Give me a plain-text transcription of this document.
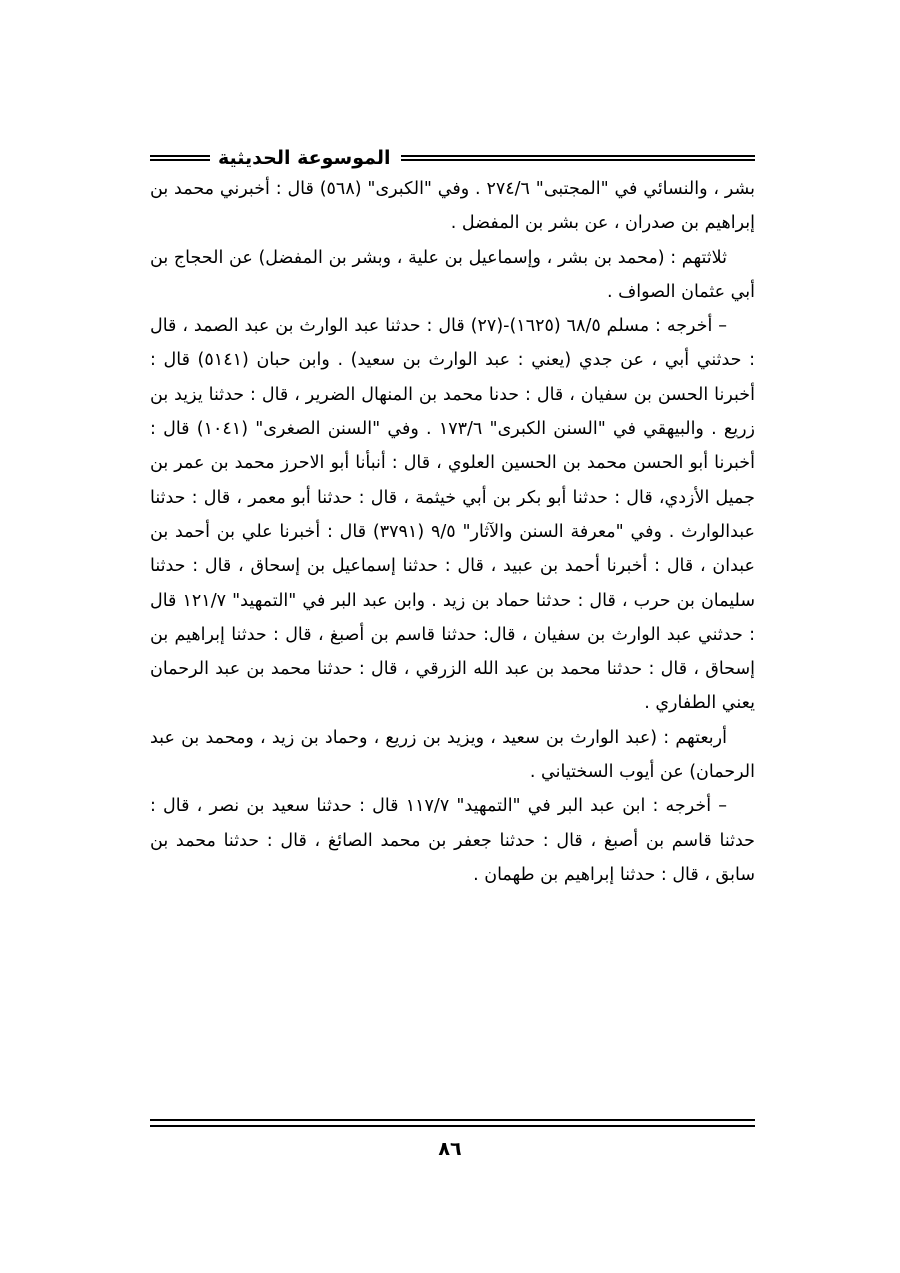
الموسوعة الحديثية

بشر ، والنسائي في "المجتبى" ٢٧٤/٦ . وفي "الكبرى" (٥٦٨) قال : أخبرني محمد بن إبراهيم بن صدران ، عن بشر بن المفضل .

ثلاثتهم : (محمد بن بشر ، وإسماعيل بن علية ، وبشر بن المفضل) عن الحجاج بن أبي عثمان الصواف .

– أخرجه : مسلم ٦٨/٥ (١٦٢٥)-(٢٧) قال : حدثنا عبد الوارث بن عبد الصمد ، قال : حدثني أبي ، عن جدي (يعني : عبد الوارث بن سعيد) . وابن حبان (٥١٤١) قال : أخبرنا الحسن بن سفيان ، قال : حدنا محمد بن المنهال الضرير ، قال : حدثنا يزيد بن زريع . والبيهقي في "السنن الكبرى" ١٧٣/٦ . وفي "السنن الصغرى" (١٠٤١) قال : أخبرنا أبو الحسن محمد بن الحسين العلوي ، قال : أنبأنا أبو الاحرز محمد بن عمر بن جميل الأزدي، قال : حدثنا أبو بكر بن أبي خيثمة ، قال : حدثنا أبو معمر ، قال : حدثنا عبدالوارث . وفي "معرفة السنن والآثار" ٩/٥ (٣٧٩١) قال : أخبرنا علي بن أحمد بن عبدان ، قال : أخبرنا أحمد بن عبيد ، قال : حدثنا إسماعيل بن إسحاق ، قال : حدثنا سليمان بن حرب ، قال : حدثنا حماد بن زيد . وابن عبد البر في "التمهيد" ١٢١/٧ قال : حدثني عبد الوارث بن سفيان ، قال: حدثنا قاسم بن أصبغ ، قال : حدثنا إبراهيم بن إسحاق ، قال : حدثنا محمد بن عبد الله الزرقي ، قال : حدثنا محمد بن عبد الرحمان يعني الطفاري .

أربعتهم : (عبد الوارث بن سعيد ، ويزيد بن زريع ، وحماد بن زيد ، ومحمد بن عبد الرحمان) عن أيوب السختياني .

– أخرجه : ابن عبد البر في "التمهيد" ١١٧/٧ قال : حدثنا سعيد بن نصر ، قال : حدثنا قاسم بن أصبغ ، قال : حدثنا جعفر بن محمد الصائغ ، قال : حدثنا محمد بن سابق ، قال : حدثنا إبراهيم بن طهمان .

٨٦
